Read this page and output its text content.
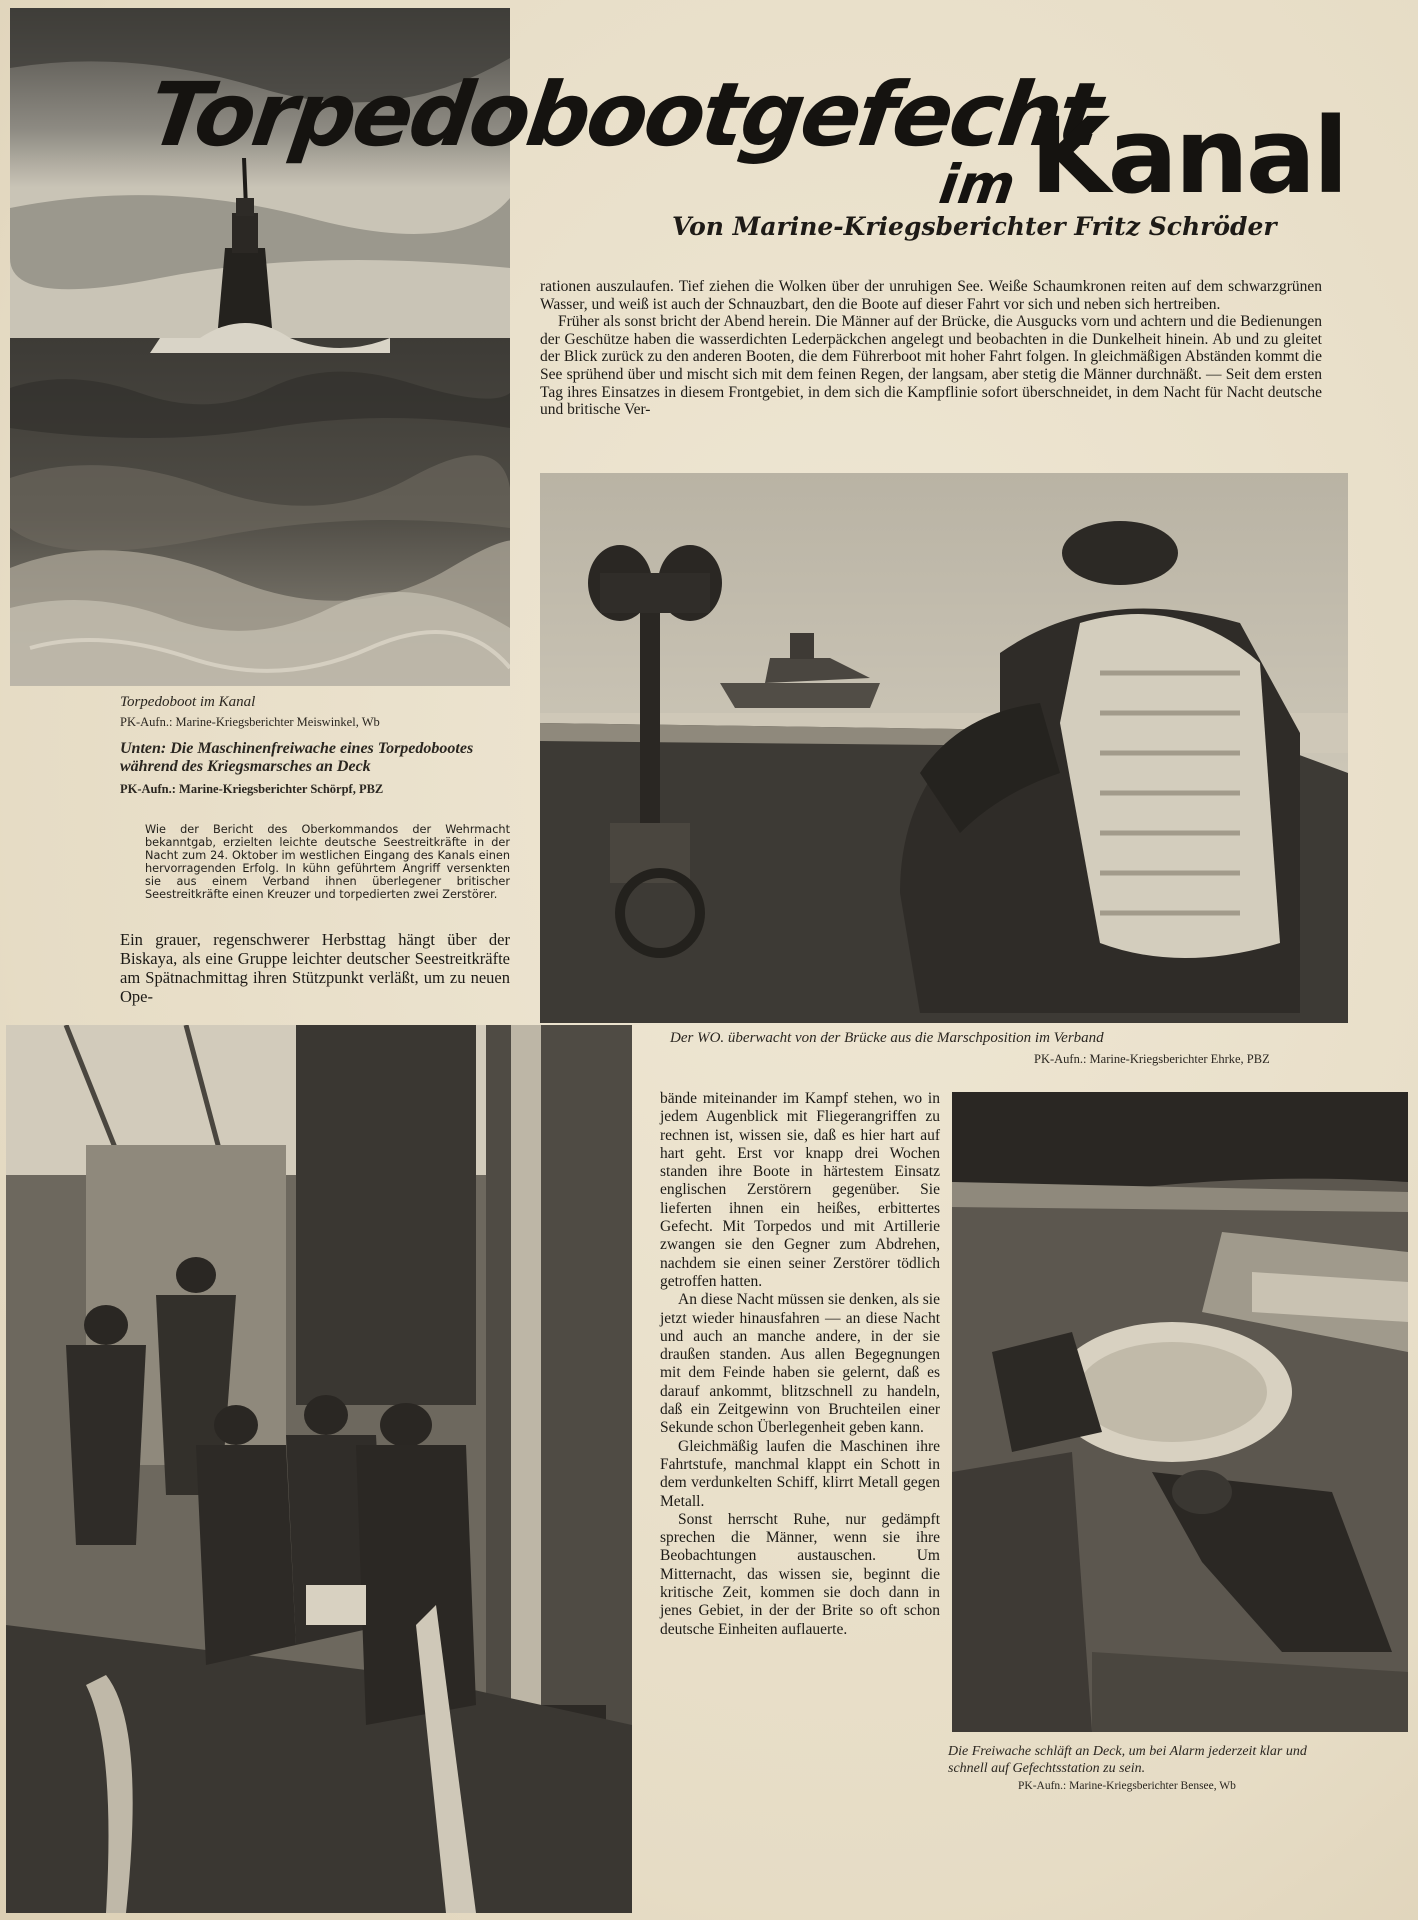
Torpedobootgefecht
im Kanal
Von Marine-Kriegsberichter Fritz Schröder

rationen auszulaufen. Tief ziehen die Wolken über der unruhigen See. Weiße Schaumkronen reiten auf dem schwarzgrünen Wasser, und weiß ist auch der Schnauzbart, den die Boote auf dieser Fahrt vor sich und neben sich hertreiben.

Früher als sonst bricht der Abend herein. Die Männer auf der Brücke, die Ausgucks vorn und achtern und die Bedienungen der Geschütze haben die wasserdichten Lederpäckchen angelegt und beobachten in die Dunkelheit hinein. Ab und zu gleitet der Blick zurück zu den anderen Booten, die dem Führerboot mit hoher Fahrt folgen. In gleichmäßigen Abständen kommt die See sprühend über und mischt sich mit dem feinen Regen, der langsam, aber stetig die Männer durchnäßt. — Seit dem ersten Tag ihres Einsatzes in diesem Frontgebiet, in dem sich die Kampflinie sofort überschneidet, in dem Nacht für Nacht deutsche und britische Ver-

Torpedoboot im Kanal
PK-Aufn.: Marine-Kriegsberichter Meiswinkel, Wb
Unten: Die Maschinenfreiwache eines Torpedobootes während des Kriegsmarsches an Deck
PK-Aufn.: Marine-Kriegsberichter Schörpf, PBZ
Wie der Bericht des Oberkommandos der Wehrmacht bekanntgab, erzielten leichte deutsche Seestreitkräfte in der Nacht zum 24. Oktober im westlichen Eingang des Kanals einen hervorragenden Erfolg. In kühn geführtem Angriff versenkten sie aus einem Verband ihnen überlegener britischer Seestreitkräfte einen Kreuzer und torpedierten zwei Zerstörer.

Ein grauer, regenschwerer Herbsttag hängt über der Biskaya, als eine Gruppe leichter deutscher Seestreitkräfte am Spätnachmittag ihren Stützpunkt verläßt, um zu neuen Ope-

Der WO. überwacht von der Brücke aus die Marschposition im Verband
PK-Aufn.: Marine-Kriegsberichter Ehrke, PBZ

bände miteinander im Kampf stehen, wo in jedem Augenblick mit Fliegerangriffen zu rechnen ist, wissen sie, daß es hier hart auf hart geht. Erst vor knapp drei Wochen standen ihre Boote in härtestem Einsatz englischen Zerstörern gegenüber. Sie lieferten ihnen ein heißes, erbittertes Gefecht. Mit Torpedos und mit Artillerie zwangen sie den Gegner zum Abdrehen, nachdem sie einen seiner Zerstörer tödlich getroffen hatten.

An diese Nacht müssen sie denken, als sie jetzt wieder hinausfahren — an diese Nacht und auch an manche andere, in der sie draußen standen. Aus allen Begegnungen mit dem Feinde haben sie gelernt, daß es darauf ankommt, blitzschnell zu handeln, daß ein Zeitgewinn von Bruchteilen einer Sekunde schon Überlegenheit geben kann.

Gleichmäßig laufen die Maschinen ihre Fahrtstufe, manchmal klappt ein Schott in dem verdunkelten Schiff, klirrt Metall gegen Metall.

Sonst herrscht Ruhe, nur gedämpft sprechen die Männer, wenn sie ihre Beobachtungen austauschen. Um Mitternacht, das wissen sie, beginnt die kritische Zeit, kommen sie doch dann in jenes Gebiet, in der der Brite so oft schon deutsche Einheiten auflauerte.

Die Freiwache schläft an Deck, um bei Alarm jederzeit klar und schnell auf Gefechtsstation zu sein.
PK-Aufn.: Marine-Kriegsberichter Bensee, Wb
